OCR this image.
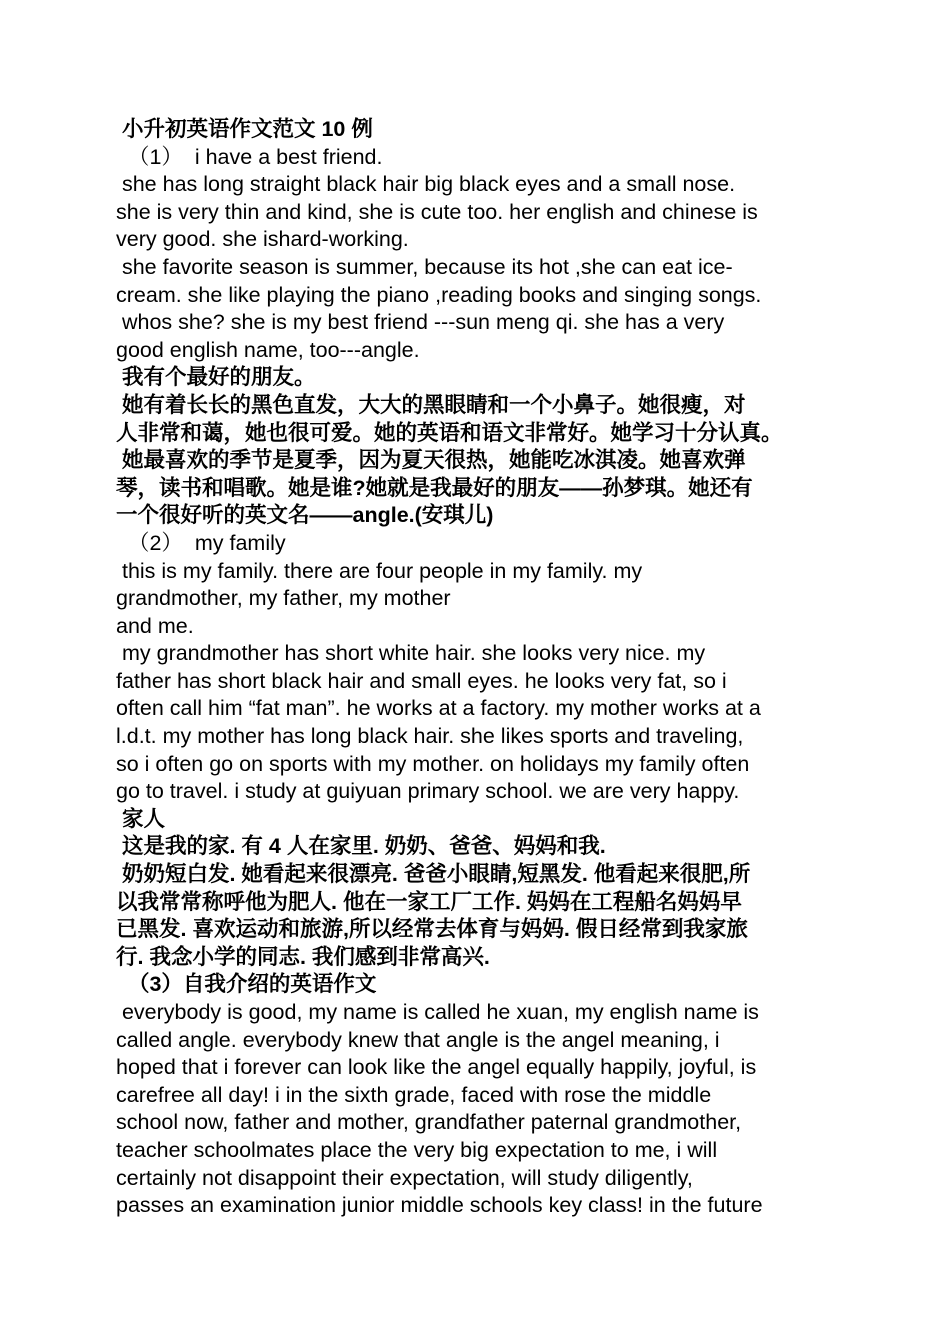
小升初英语作文范文 10 例
（1）  i have a best friend.
she has long straight black hair big black eyes and a small nose.
she is very thin and kind, she is cute too. her english and chinese is
very good. she ishard-working.
she favorite season is summer, because its hot ,she can eat ice-
cream. she like playing the piano ,reading books and singing songs.
whos she? she is my best friend ---sun meng qi. she has a very
good english name, too---angle.
我有个最好的朋友。
她有着长长的黑色直发，大大的黑眼睛和一个小鼻子。她很瘦，对
人非常和蔼，她也很可爱。她的英语和语文非常好。她学习十分认真。
她最喜欢的季节是夏季，因为夏天很热，她能吃冰淇凌。她喜欢弹
琴，读书和唱歌。她是谁?她就是我最好的朋友——孙梦琪。她还有
一个很好听的英文名——angle.(安琪儿)
（2）  my family
this is my family. there are four people in my family. my
grandmother, my father, my mother
and me.
my grandmother has short white hair. she looks very nice. my
father has short black hair and small eyes. he looks very fat, so i
often call him “fat man”. he works at a factory. my mother works at a
l.d.t. my mother has long black hair. she likes sports and traveling,
so i often go on sports with my mother. on holidays my family often
go to travel. i study at guiyuan primary school. we are very happy.
家人
这是我的家. 有 4 人在家里. 奶奶、爸爸、妈妈和我.
奶奶短白发. 她看起来很漂亮. 爸爸小眼睛,短黑发. 他看起来很肥,所
以我常常称呼他为肥人. 他在一家工厂工作. 妈妈在工程船名妈妈早
已黑发. 喜欢运动和旅游,所以经常去体育与妈妈. 假日经常到我家旅
行. 我念小学的同志. 我们感到非常高兴.
（3）自我介绍的英语作文
everybody is good, my name is called he xuan, my english name is
called angle. everybody knew that angle is the angel meaning, i
hoped that i forever can look like the angel equally happily, joyful, is
carefree all day! i in the sixth grade, faced with rose the middle
school now, father and mother, grandfather paternal grandmother,
teacher schoolmates place the very big expectation to me, i will
certainly not disappoint their expectation, will study diligently,
passes an examination junior middle schools key class! in the future
